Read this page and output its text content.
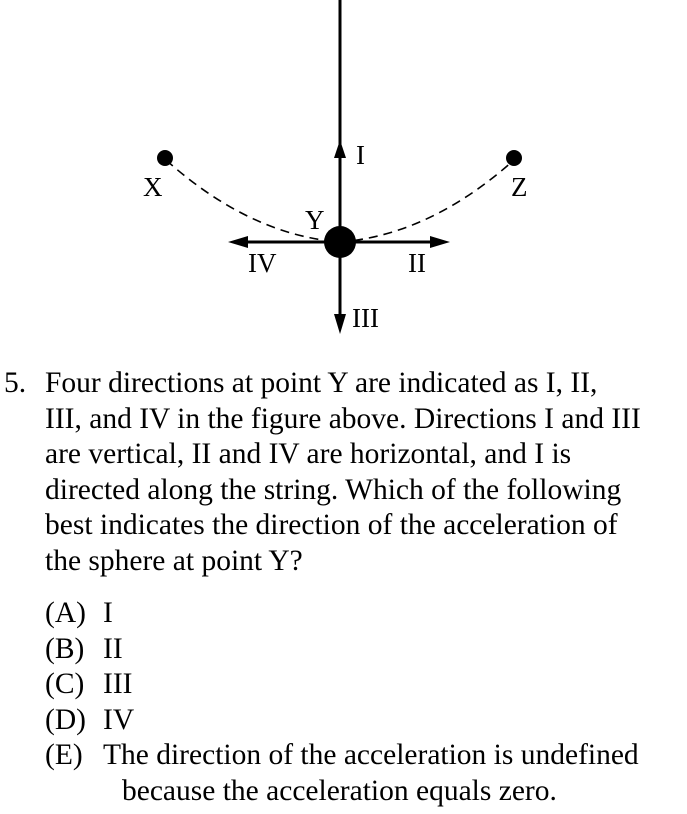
X	Z
Y
I
II
III
IV
5. Four directions at point Y are indicated as I, II,
III, and IV in the figure above. Directions I and III
are vertical, II and IV are horizontal, and I is
directed along the string. Which of the following
best indicates the direction of the acceleration of
the sphere at point Y?
(A) I
(B) II
(C) III
(D) IV
(E) The direction of the acceleration is undefined
because the acceleration equals zero.
